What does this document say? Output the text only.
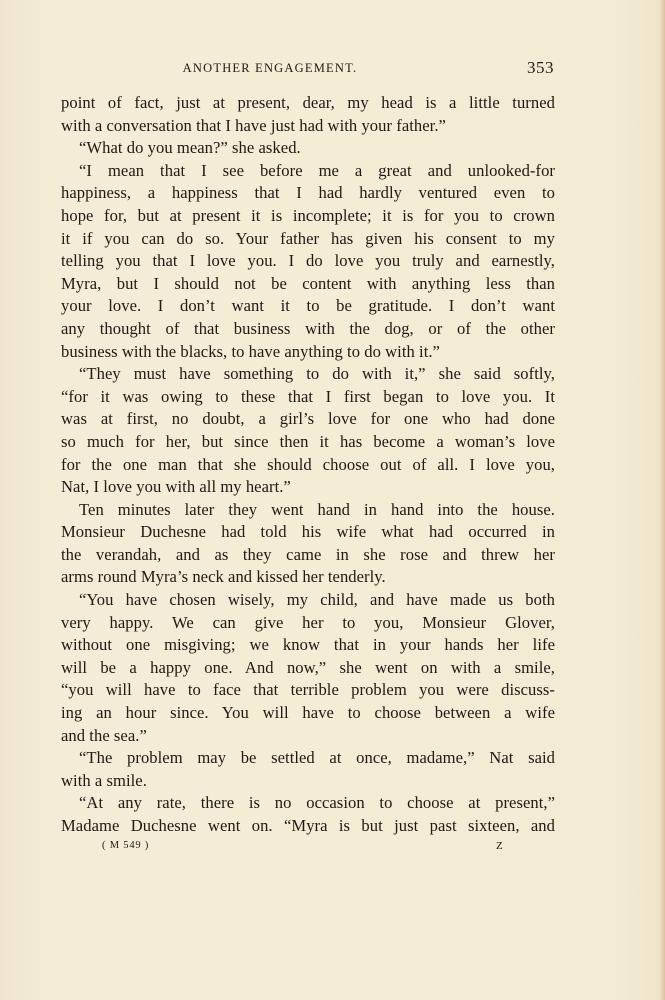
ANOTHER ENGAGEMENT.	353
point of fact, just at present, dear, my head is a little turned
with a conversation that I have just had with your father.”
“What do you mean?” she asked.
“I mean that I see before me a great and unlooked-for
happiness, a happiness that I had hardly ventured even to
hope for, but at present it is incomplete; it is for you to crown
it if you can do so. Your father has given his consent to my
telling you that I love you. I do love you truly and earnestly,
Myra, but I should not be content with anything less than
your love. I don’t want it to be gratitude. I don’t want
any thought of that business with the dog, or of the other
business with the blacks, to have anything to do with it.”
“They must have something to do with it,” she said softly,
“for it was owing to these that I first began to love you. It
was at first, no doubt, a girl’s love for one who had done
so much for her, but since then it has become a woman’s love
for the one man that she should choose out of all. I love you,
Nat, I love you with all my heart.”
Ten minutes later they went hand in hand into the house.
Monsieur Duchesne had told his wife what had occurred in
the verandah, and as they came in she rose and threw her
arms round Myra’s neck and kissed her tenderly.
“You have chosen wisely, my child, and have made us both
very happy. We can give her to you, Monsieur Glover,
without one misgiving; we know that in your hands her life
will be a happy one. And now,” she went on with a smile,
“you will have to face that terrible problem you were discuss-
ing an hour since. You will have to choose between a wife
and the sea.”
“The problem may be settled at once, madame,” Nat said
with a smile.
“At any rate, there is no occasion to choose at present,”
Madame Duchesne went on. “Myra is but just past sixteen, and
( M 549 )	Z
